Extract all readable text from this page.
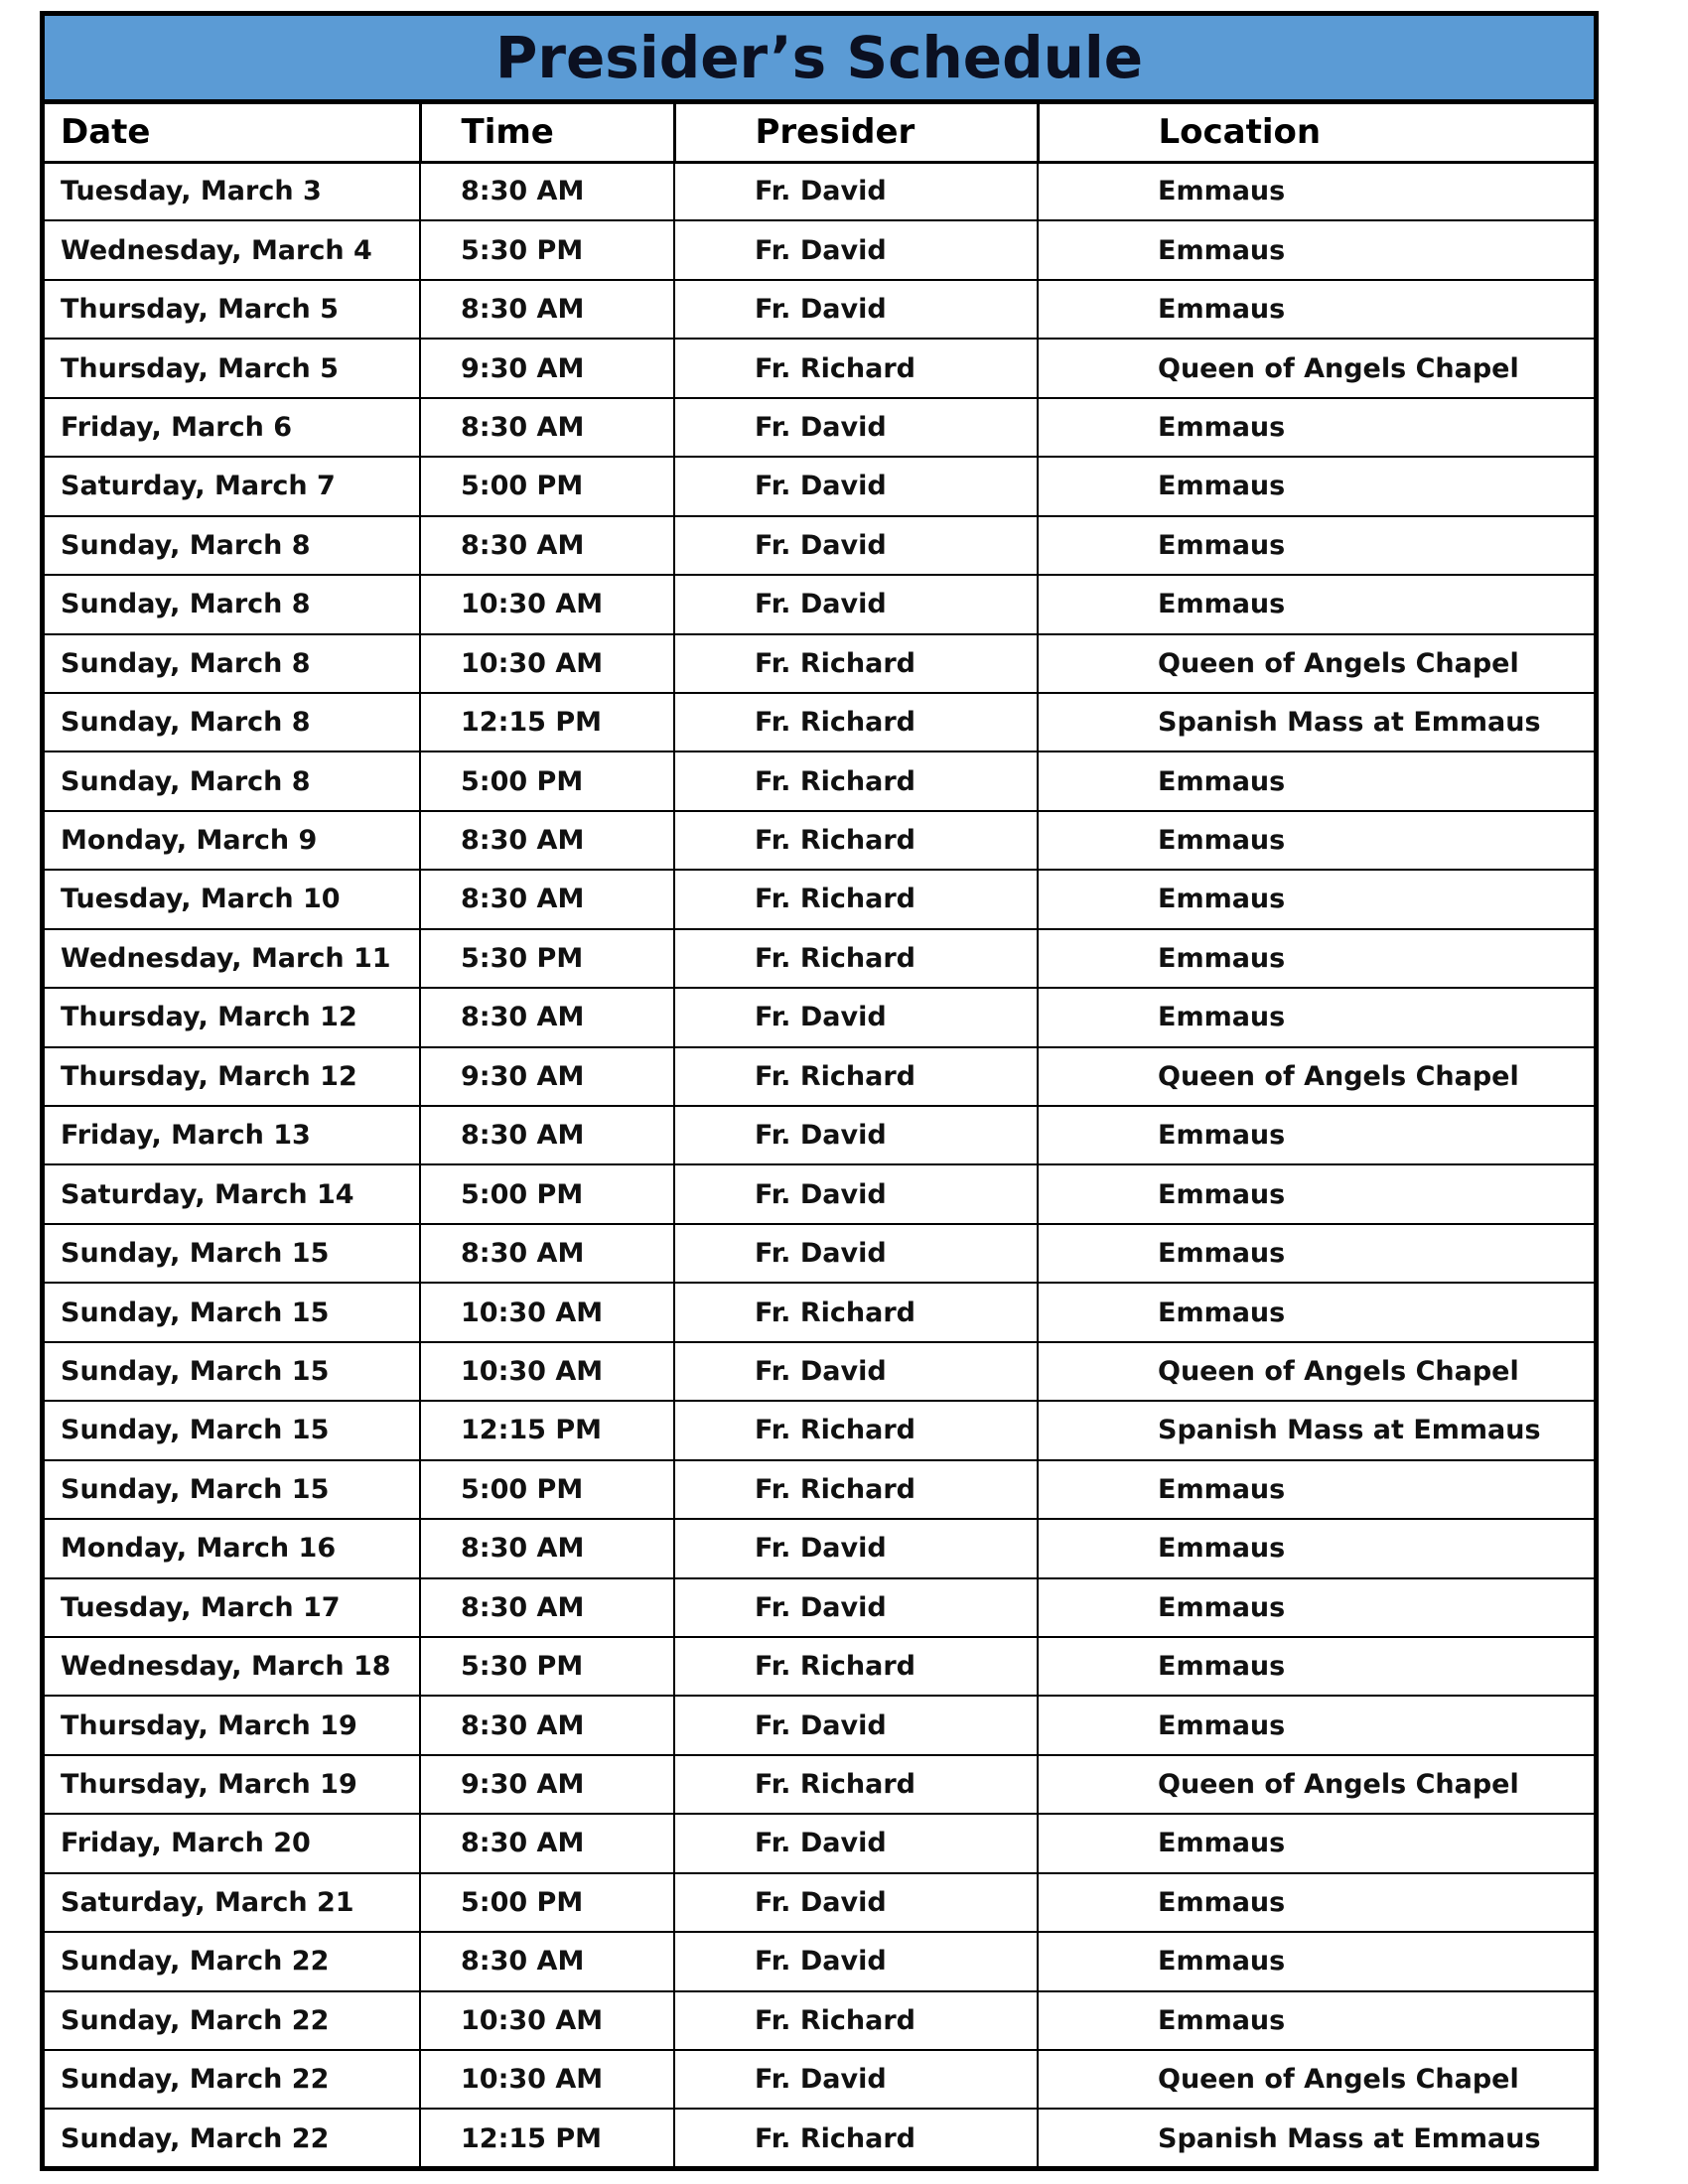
Presider’s Schedule
Date	Time	Presider	Location
Tuesday, March 3	8:30 AM	Fr. David	Emmaus
Wednesday, March 4	5:30 PM	Fr. David	Emmaus
Thursday, March 5	8:30 AM	Fr. David	Emmaus
Thursday, March 5	9:30 AM	Fr. Richard	Queen of Angels Chapel
Friday, March 6	8:30 AM	Fr. David	Emmaus
Saturday, March 7	5:00 PM	Fr. David	Emmaus
Sunday, March 8	8:30 AM	Fr. David	Emmaus
Sunday, March 8	10:30 AM	Fr. David	Emmaus
Sunday, March 8	10:30 AM	Fr. Richard	Queen of Angels Chapel
Sunday, March 8	12:15 PM	Fr. Richard	Spanish Mass at Emmaus
Sunday, March 8	5:00 PM	Fr. Richard	Emmaus
Monday, March 9	8:30 AM	Fr. Richard	Emmaus
Tuesday, March 10	8:30 AM	Fr. Richard	Emmaus
Wednesday, March 11	5:30 PM	Fr. Richard	Emmaus
Thursday, March 12	8:30 AM	Fr. David	Emmaus
Thursday, March 12	9:30 AM	Fr. Richard	Queen of Angels Chapel
Friday, March 13	8:30 AM	Fr. David	Emmaus
Saturday, March 14	5:00 PM	Fr. David	Emmaus
Sunday, March 15	8:30 AM	Fr. David	Emmaus
Sunday, March 15	10:30 AM	Fr. Richard	Emmaus
Sunday, March 15	10:30 AM	Fr. David	Queen of Angels Chapel
Sunday, March 15	12:15 PM	Fr. Richard	Spanish Mass at Emmaus
Sunday, March 15	5:00 PM	Fr. Richard	Emmaus
Monday, March 16	8:30 AM	Fr. David	Emmaus
Tuesday, March 17	8:30 AM	Fr. David	Emmaus
Wednesday, March 18	5:30 PM	Fr. Richard	Emmaus
Thursday, March 19	8:30 AM	Fr. David	Emmaus
Thursday, March 19	9:30 AM	Fr. Richard	Queen of Angels Chapel
Friday, March 20	8:30 AM	Fr. David	Emmaus
Saturday, March 21	5:00 PM	Fr. David	Emmaus
Sunday, March 22	8:30 AM	Fr. David	Emmaus
Sunday, March 22	10:30 AM	Fr. Richard	Emmaus
Sunday, March 22	10:30 AM	Fr. David	Queen of Angels Chapel
Sunday, March 22	12:15 PM	Fr. Richard	Spanish Mass at Emmaus
